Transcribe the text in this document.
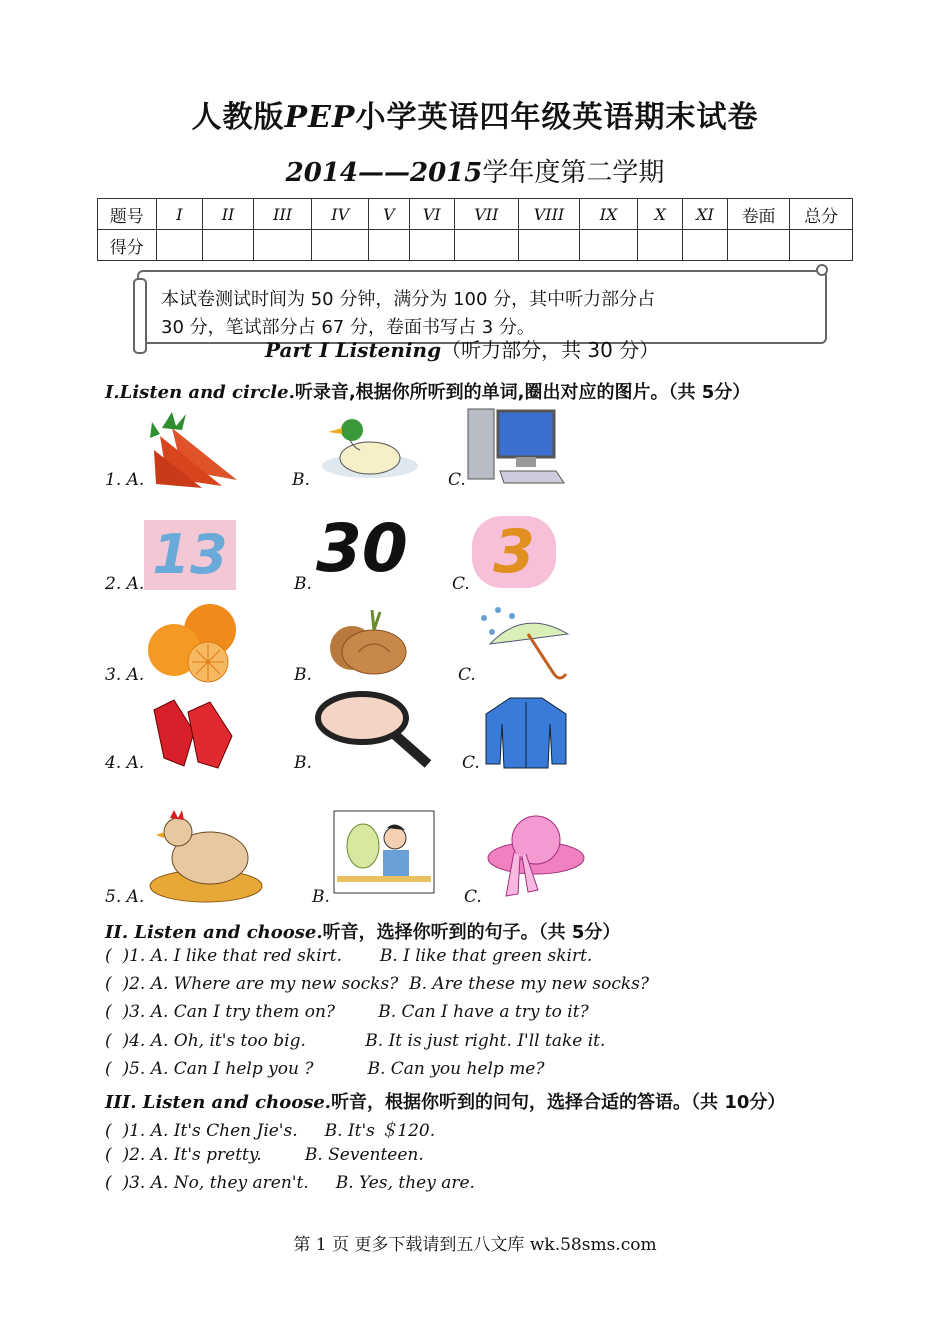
人教版PEP小学英语四年级英语期末试卷
2014——2015学年度第二学期
题号	I	II	III	IV	V	VI	VII	VIII	IX	X	XI	卷面	总分
得分													
本试卷测试时间为 50 分钟，满分为 100 分，其中听力部分占
30 分，笔试部分占 67 分，卷面书写占 3 分。
Part Ⅰ Listening（听力部分，共 30 分）
I.Listen and circle.听录音,根据你所听到的单词,圈出对应的图片。（共 5分）
1. A.	B.	C.
2. A.	B.	C.
13 30	3
3. A.	B.	C.
4. A.	B.	C.
5. A.	B.	C.
II. Listen and choose.听音，选择你听到的句子。（共 5分）
(  )1. A. I like that red skirt.       B. I like that green skirt.
(  )2. A. Where are my new socks?  B. Are these my new socks?
(  )3. A. Can I try them on?        B. Can I have a try to it?
(  )4. A. Oh, it's too big.           B. It is just right. I'll take it.
(  )5. A. Can I help you ?          B. Can you help me?
III. Listen and choose.听音，根据你听到的问句，选择合适的答语。（共 10分）
(  )1. A. It's Chen Jie's.     B. It's ＄120.
(  )2. A. It's pretty.        B. Seventeen.
(  )3. A. No, they aren't.     B. Yes, they are.
第 1 页 更多下载请到五八文库 wk.58sms.com
